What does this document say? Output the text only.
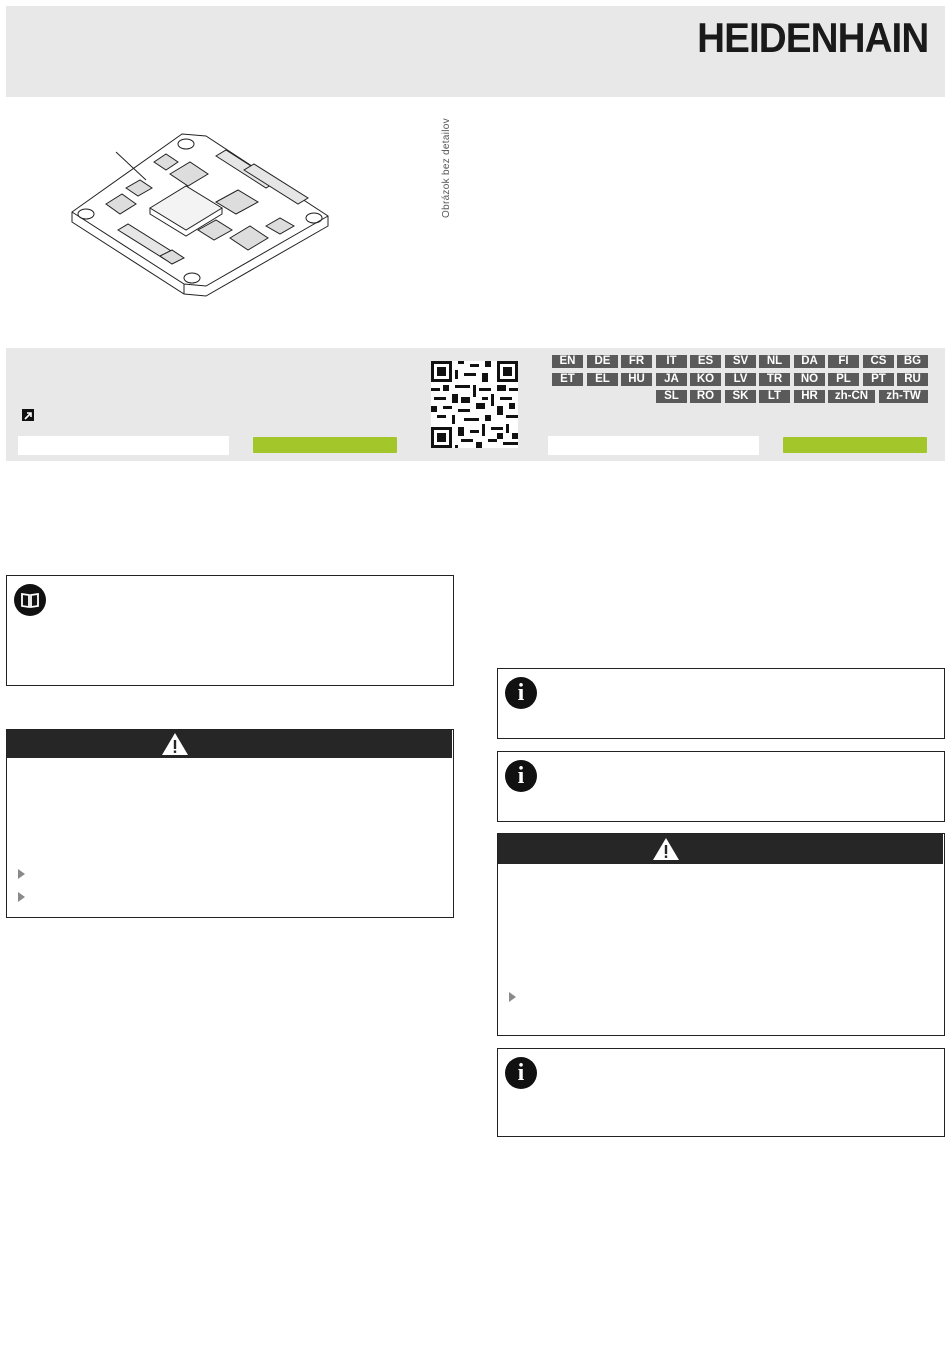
HEIDENHAIN
Obrázok bez detailov
EN	DE	FR	IT	ES	SV	NL	DA	FI	CS	BG
ET	EL	HU	JA	KO	LV	TR	NO	PL	PT	RU
SL	RO	SK	LT	HR	zh-CN	zh-TW
i
i
i
